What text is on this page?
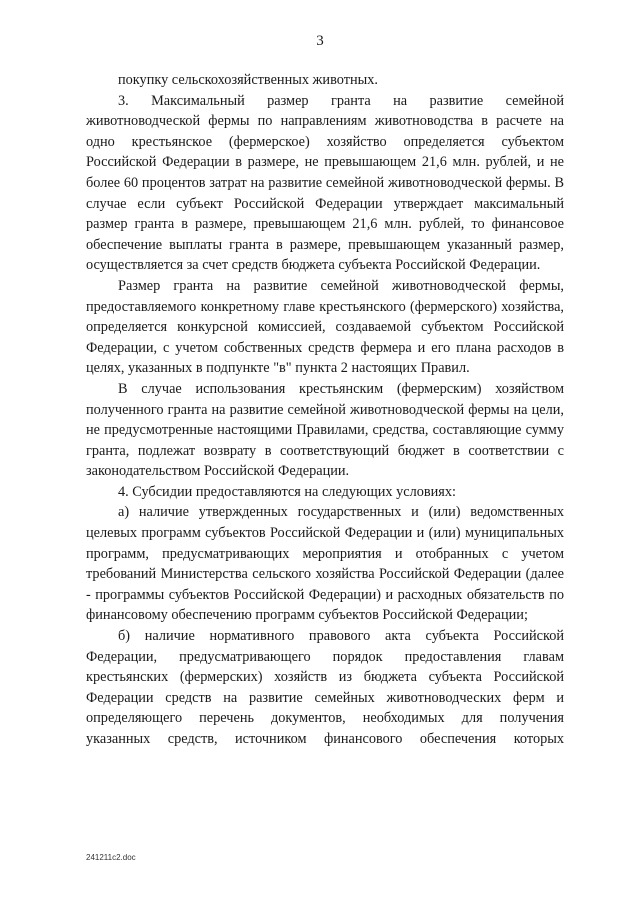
3

покупку сельскохозяйственных животных.

3. Максимальный размер гранта на развитие семейной животноводческой фермы по направлениям животноводства в расчете на одно крестьянское (фермерское) хозяйство определяется субъектом Российской Федерации в размере, не превышающем 21,6 млн. рублей, и не более 60 процентов затрат на развитие семейной животноводческой фермы. В случае если субъект Российской Федерации утверждает максимальный размер гранта в размере, превышающем 21,6 млн. рублей, то финансовое обеспечение выплаты гранта в размере, превышающем указанный размер, осуществляется за счет средств бюджета субъекта Российской Федерации.

Размер гранта на развитие семейной животноводческой фермы, предоставляемого конкретному главе крестьянского (фермерского) хозяйства, определяется конкурсной комиссией, создаваемой субъектом Российской Федерации, с учетом собственных средств фермера и его плана расходов в целях, указанных в подпункте "в" пункта 2 настоящих Правил.

В случае использования крестьянским (фермерским) хозяйством полученного гранта на развитие семейной животноводческой фермы на цели, не предусмотренные настоящими Правилами, средства, составляющие сумму гранта, подлежат возврату в соответствующий бюджет в соответствии с законодательством Российской Федерации.

4. Субсидии предоставляются на следующих условиях:

а) наличие утвержденных государственных и (или) ведомственных целевых программ субъектов Российской Федерации и (или) муниципальных программ, предусматривающих мероприятия и отобранных с учетом требований Министерства сельского хозяйства Российской Федерации (далее - программы субъектов Российской Федерации) и расходных обязательств по финансовому обеспечению программ субъектов Российской Федерации;

б) наличие нормативного правового акта субъекта Российской Федерации, предусматривающего порядок предоставления главам крестьянских (фермерских) хозяйств из бюджета субъекта Российской Федерации средств на развитие семейных животноводческих ферм и определяющего перечень документов, необходимых для получения указанных средств, источником финансового обеспечения которых

241211c2.doc
